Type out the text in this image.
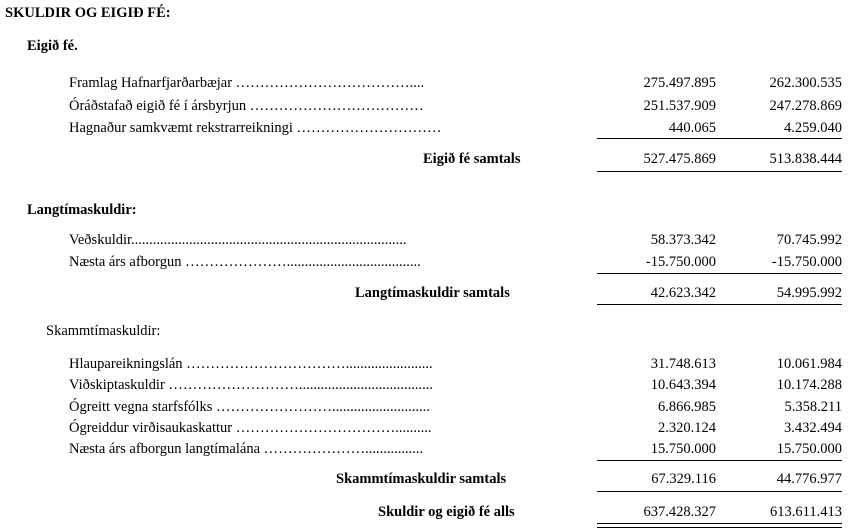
SKULDIR OG EIGIÐ FÉ:
Eigið fé.
Framlag Hafnarfjarðarbæjar ………………………………....	275.497.895	262.300.535
Óráðstafað eigið fé í ársbyrjun ………………………………	251.537.909	247.278.869
Hagnaður samkvæmt rekstrarreikningi …………………………	440.065	4.259.040
Eigið fé samtals	527.475.869	513.838.444
Langtímaskuldir:
Veðskuldir............................................................................	58.373.342	70.745.992
Næsta árs afborgun ………………….....................................	-15.750.000	-15.750.000
Langtímaskuldir samtals	42.623.342	54.995.992
Skammtímaskuldir:
Hlaupareikningslán ……………………………........................	31.748.613	10.061.984
Viðskiptaskuldir ……………………….....................................	10.643.394	10.174.288
Ógreitt vegna starfsfólks ……………………...........................	6.866.985	5.358.211
Ógreiddur virðisaukaskattur ……………………………..........	2.320.124	3.432.494
Næsta árs afborgun langtímalána …………………................	15.750.000	15.750.000
Skammtímaskuldir samtals	67.329.116	44.776.977
Skuldir og eigið fé alls	637.428.327	613.611.413
